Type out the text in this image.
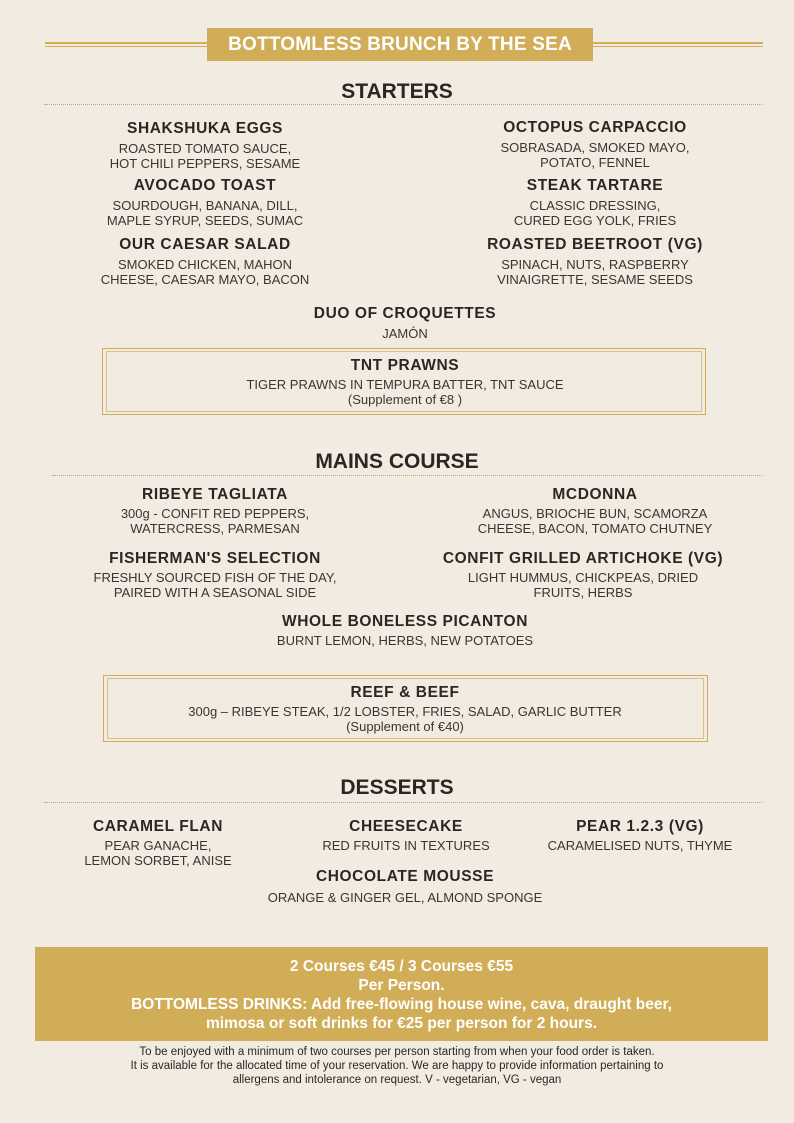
BOTTOMLESS BRUNCH BY THE SEA
STARTERS
SHAKSHUKA EGGS
ROASTED TOMATO SAUCE,
HOT CHILI PEPPERS, SESAME
OCTOPUS CARPACCIO
SOBRASADA, SMOKED MAYO,
POTATO, FENNEL
AVOCADO TOAST
SOURDOUGH, BANANA, DILL,
MAPLE SYRUP, SEEDS, SUMAC
STEAK TARTARE
CLASSIC DRESSING,
CURED EGG YOLK, FRIES
OUR CAESAR SALAD
SMOKED CHICKEN, MAHON
CHEESE, CAESAR MAYO, BACON
ROASTED BEETROOT (VG)
SPINACH, NUTS, RASPBERRY
VINAIGRETTE, SESAME SEEDS
DUO OF CROQUETTES
JAMÓN
TNT PRAWNS
TIGER PRAWNS IN TEMPURA BATTER, TNT SAUCE
(Supplement of €8 )
MAINS COURSE
RIBEYE TAGLIATA
300g - CONFIT RED PEPPERS,
WATERCRESS, PARMESAN
MCDONNA
ANGUS, BRIOCHE BUN, SCAMORZA
CHEESE, BACON, TOMATO CHUTNEY
FISHERMAN'S SELECTION
FRESHLY SOURCED FISH OF THE DAY,
PAIRED WITH A SEASONAL SIDE
CONFIT GRILLED ARTICHOKE (VG)
LIGHT HUMMUS, CHICKPEAS, DRIED
FRUITS, HERBS
WHOLE BONELESS PICANTON
BURNT LEMON, HERBS, NEW POTATOES
REEF & BEEF
300g – RIBEYE STEAK, 1/2 LOBSTER, FRIES, SALAD, GARLIC BUTTER
(Supplement of €40)
DESSERTS
CARAMEL FLAN
PEAR GANACHE,
LEMON SORBET, ANISE
CHEESECAKE
RED FRUITS IN TEXTURES
PEAR 1.2.3 (VG)
CARAMELISED NUTS, THYME
CHOCOLATE MOUSSE
ORANGE & GINGER GEL, ALMOND SPONGE
2 Courses €45 / 3 Courses €55
Per Person.
BOTTOMLESS DRINKS: Add free-flowing house wine, cava, draught beer,
mimosa or soft drinks for €25 per person for 2 hours.
To be enjoyed with a minimum of two courses per person starting from when your food order is taken.
It is available for the allocated time of your reservation. We are happy to provide information pertaining to
allergens and intolerance on request. V - vegetarian, VG - vegan
